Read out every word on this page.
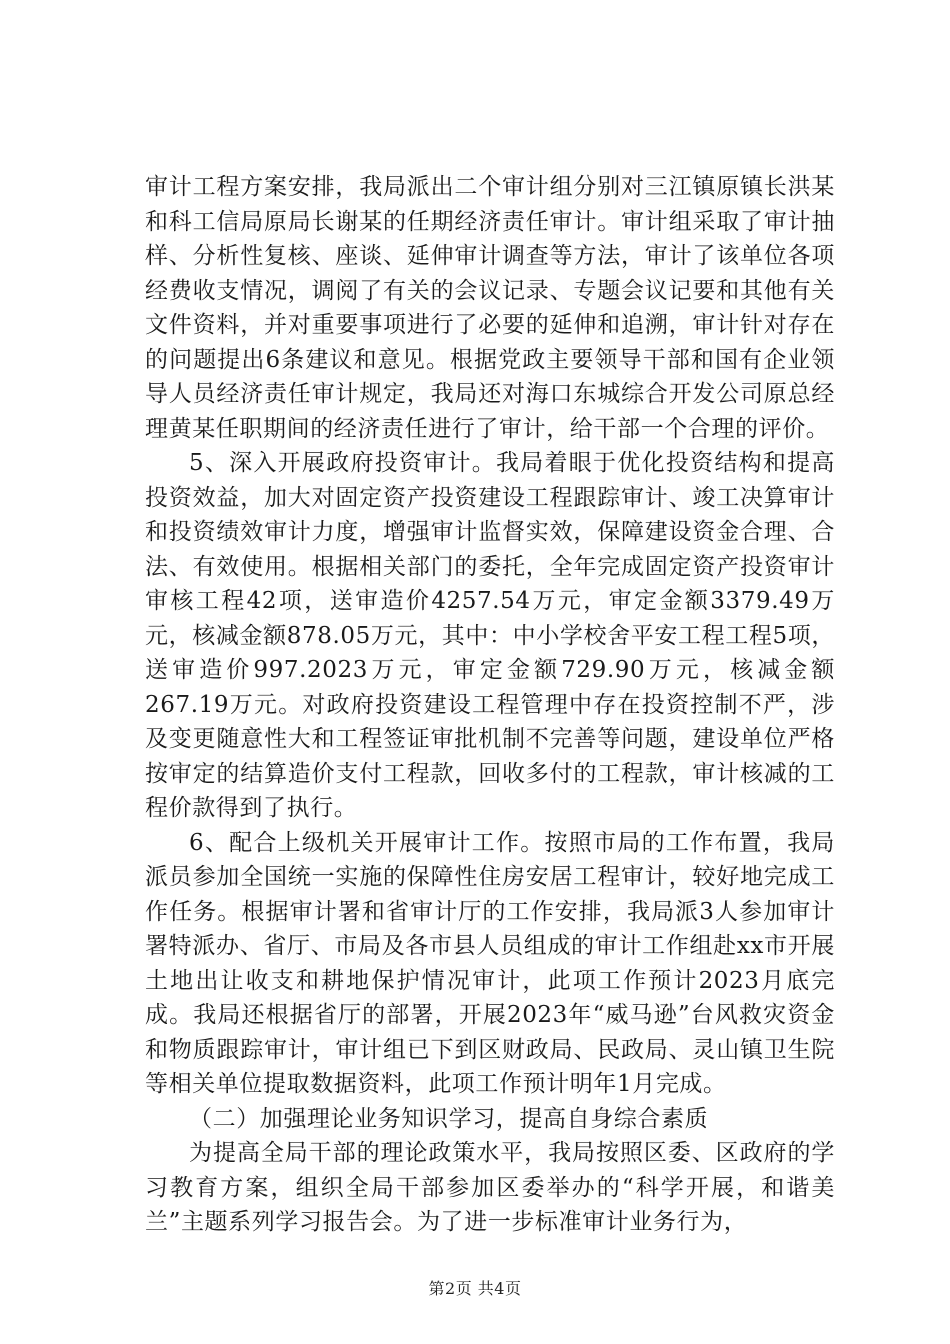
审计工程方案安排，我局派出二个审计组分别对三江镇原镇长洪某和科工信局原局长谢某的任期经济责任审计。审计组采取了审计抽样、分析性复核、座谈、延伸审计调查等方法，审计了该单位各项经费收支情况，调阅了有关的会议记录、专题会议记要和其他有关文件资料，并对重要事项进行了必要的延伸和追溯，审计针对存在的问题提出6条建议和意见。根据党政主要领导干部和国有企业领导人员经济责任审计规定，我局还对海口东城综合开发公司原总经理黄某任职期间的经济责任进行了审计，给干部一个合理的评价。

5、深入开展政府投资审计。我局着眼于优化投资结构和提高投资效益，加大对固定资产投资建设工程跟踪审计、竣工决算审计和投资绩效审计力度，增强审计监督实效，保障建设资金合理、合法、有效使用。根据相关部门的委托，全年完成固定资产投资审计审核工程42项，送审造价4257.54万元，审定金额3379.49万元，核减金额878.05万元，其中：中小学校舍平安工程工程5项，送审造价997.2023万元，审定金额729.90万元，核减金额267.19万元。对政府投资建设工程管理中存在投资控制不严，涉及变更随意性大和工程签证审批机制不完善等问题，建设单位严格按审定的结算造价支付工程款，回收多付的工程款，审计核减的工程价款得到了执行。

6、配合上级机关开展审计工作。按照市局的工作布置，我局派员参加全国统一实施的保障性住房安居工程审计，较好地完成工作任务。根据审计署和省审计厅的工作安排，我局派3人参加审计署特派办、省厅、市局及各市县人员组成的审计工作组赴xx市开展土地出让收支和耕地保护情况审计，此项工作预计2023月底完成。我局还根据省厅的部署，开展2023年“威马逊”台风救灾资金和物质跟踪审计，审计组已下到区财政局、民政局、灵山镇卫生院等相关单位提取数据资料，此项工作预计明年1月完成。

（二）加强理论业务知识学习，提高自身综合素质

为提高全局干部的理论政策水平，我局按照区委、区政府的学习教育方案，组织全局干部参加区委举办的“科学开展，和谐美兰”主题系列学习报告会。为了进一步标准审计业务行为，

第2页 共4页
